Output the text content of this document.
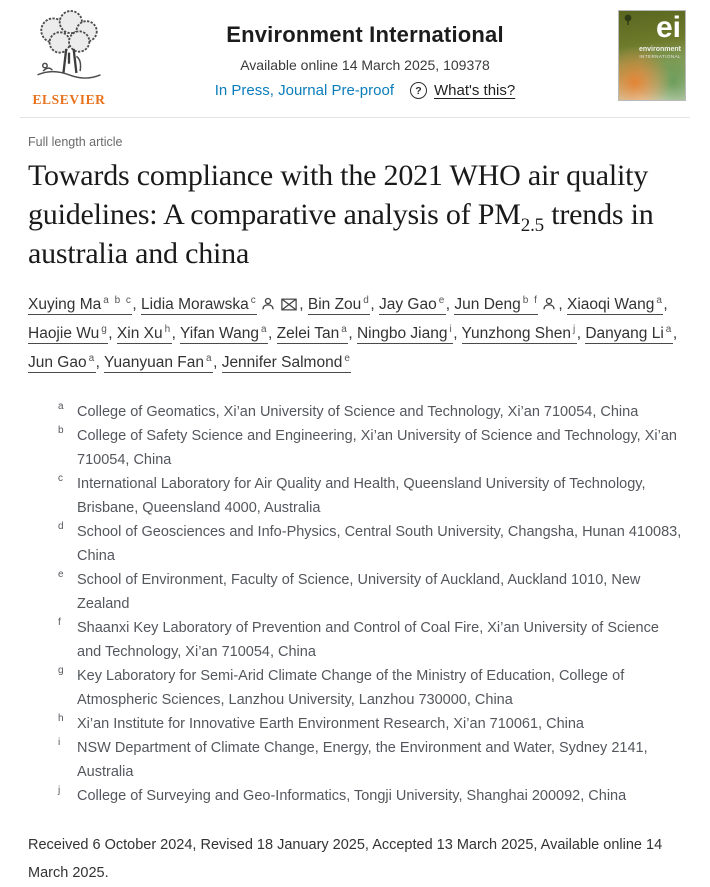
ELSEVIER
Environment International
Available online 14 March 2025, 109378
In Press, Journal Pre-proof	? What's this?
ei
environment
INTERNATIONAL
Full length article
Towards compliance with the 2021 WHO air quality guidelines: A comparative analysis of $PM_{2.5}$ trends in australia and china

Xuying Ma $^{a b c}$, Lidia Morawska $^c$	, Bin Zou $^d$, Jay Gao $^e$, Jun Deng $^{b f}$ , Xiaoqi Wang $^a$, Haojie Wu $^g$, Xin Xu $^h$, Yifan Wang $^a$, Zelei Tan $^a$, Ningbo Jiang $^i$, Yunzhong Shen $^j$, Danyang Li $^a$, Jun Gao $^a$, Yuanyuan Fan $^a$, Jennifer Salmond $^e$

a College of Geomatics, Xi’an University of Science and Technology, Xi’an 710054, China
b College of Safety Science and Engineering, Xi’an University of Science and Technology, Xi’an 710054, China
c International Laboratory for Air Quality and Health, Queensland University of Technology, Brisbane, Queensland 4000, Australia
d School of Geosciences and Info-Physics, Central South University, Changsha, Hunan 410083, China
e School of Environment, Faculty of Science, University of Auckland, Auckland 1010, New Zealand
f	Shaanxi Key Laboratory of Prevention and Control of Coal Fire, Xi’an University of Science and Technology, Xi’an 710054, China
g Key Laboratory for Semi-Arid Climate Change of the Ministry of Education, College of Atmospheric Sciences, Lanzhou University, Lanzhou 730000, China
h Xi’an Institute for Innovative Earth Environment Research, Xi’an 710061, China
i	NSW Department of Climate Change, Energy, the Environment and Water, Sydney 2141, Australia
j	College of Surveying and Geo-Informatics, Tongji University, Shanghai 200092, China

Received 6 October 2024, Revised 18 January 2025, Accepted 13 March 2025, Available online 14 March 2025.
